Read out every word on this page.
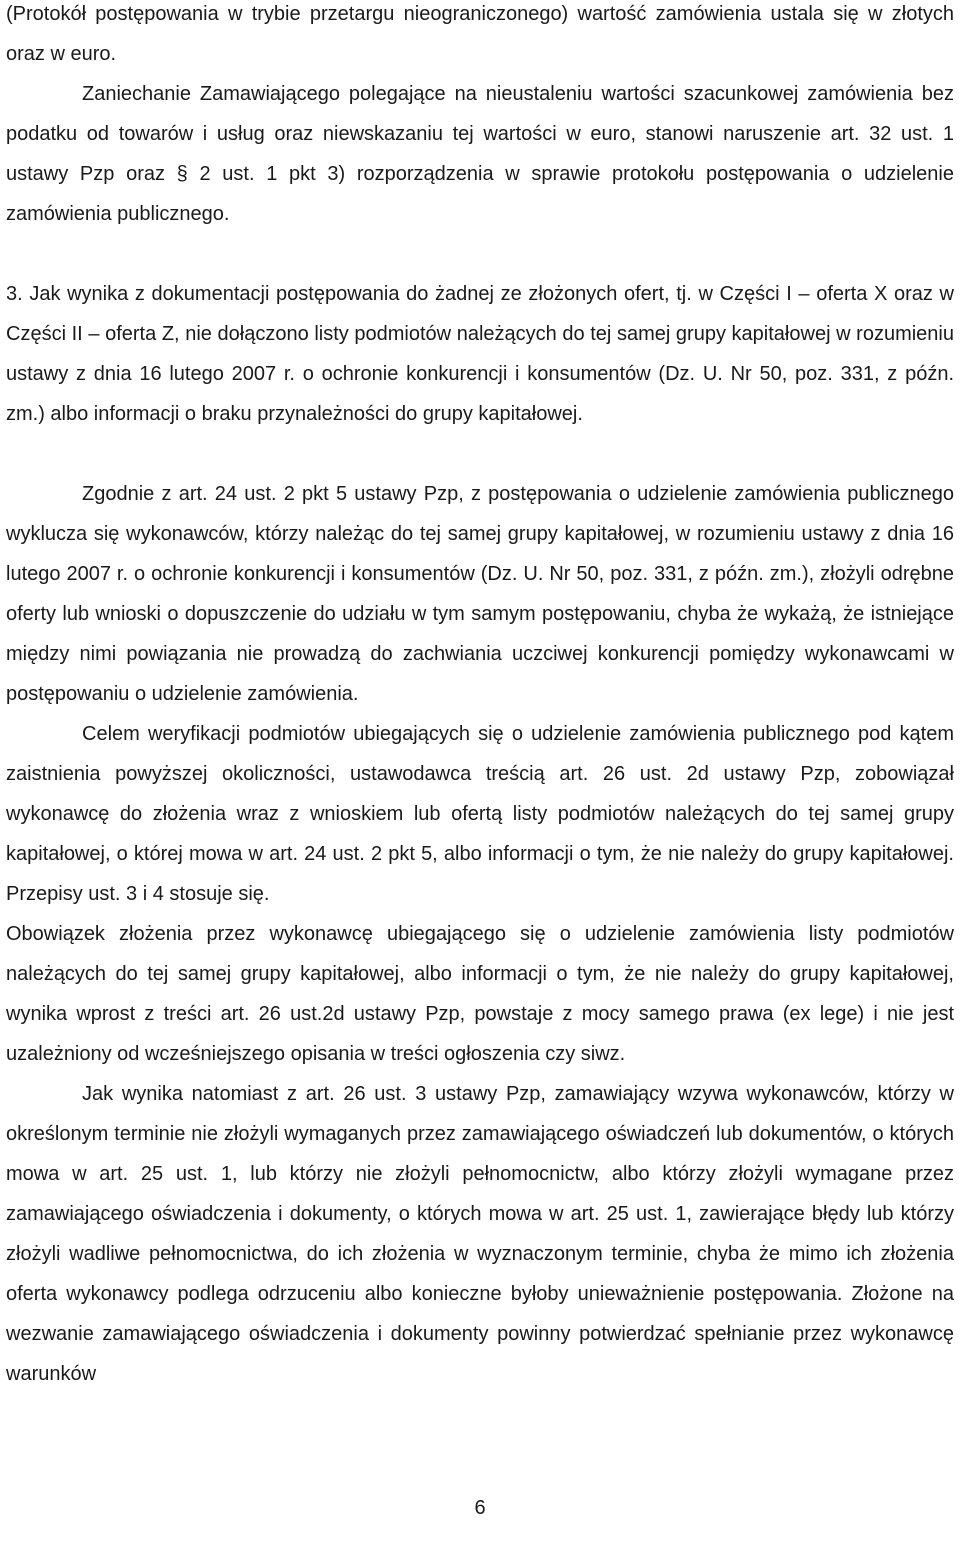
(Protokół postępowania w trybie przetargu nieograniczonego) wartość zamówienia ustala się w złotych oraz w euro.

Zaniechanie Zamawiającego polegające na nieustaleniu wartości szacunkowej zamówienia bez podatku od towarów i usług oraz niewskazaniu tej wartości w euro, stanowi naruszenie art. 32 ust. 1 ustawy Pzp oraz § 2 ust. 1 pkt 3) rozporządzenia w sprawie protokołu postępowania o udzielenie zamówienia publicznego.

3. Jak wynika z dokumentacji postępowania do żadnej ze złożonych ofert, tj. w Części I – oferta X oraz w Części II – oferta Z, nie dołączono listy podmiotów należących do tej samej grupy kapitałowej w rozumieniu ustawy z dnia 16 lutego 2007 r. o ochronie konkurencji i konsumentów (Dz. U. Nr 50, poz. 331, z późn. zm.) albo informacji o braku przynależności do grupy kapitałowej.

Zgodnie z art. 24 ust. 2 pkt 5 ustawy Pzp, z postępowania o udzielenie zamówienia publicznego wyklucza się wykonawców, którzy należąc do tej samej grupy kapitałowej, w rozumieniu ustawy z dnia 16 lutego 2007 r. o ochronie konkurencji i konsumentów (Dz. U. Nr 50, poz. 331, z późn. zm.), złożyli odrębne oferty lub wnioski o dopuszczenie do udziału w tym samym postępowaniu, chyba że wykażą, że istniejące między nimi powiązania nie prowadzą do zachwiania uczciwej konkurencji pomiędzy wykonawcami w postępowaniu o udzielenie zamówienia.

Celem weryfikacji podmiotów ubiegających się o udzielenie zamówienia publicznego pod kątem zaistnienia powyższej okoliczności, ustawodawca treścią art. 26 ust. 2d ustawy Pzp, zobowiązał wykonawcę do złożenia wraz z wnioskiem lub ofertą listy podmiotów należących do tej samej grupy kapitałowej, o której mowa w art. 24 ust. 2 pkt 5, albo informacji o tym, że nie należy do grupy kapitałowej. Przepisy ust. 3 i 4 stosuje się.

Obowiązek złożenia przez wykonawcę ubiegającego się o udzielenie zamówienia listy podmiotów należących do tej samej grupy kapitałowej, albo informacji o tym, że nie należy do grupy kapitałowej, wynika wprost z treści art. 26 ust.2d ustawy Pzp, powstaje z mocy samego prawa (ex lege) i nie jest uzależniony od wcześniejszego opisania w treści ogłoszenia czy siwz.

Jak wynika natomiast z art. 26 ust. 3 ustawy Pzp, zamawiający wzywa wykonawców, którzy w określonym terminie nie złożyli wymaganych przez zamawiającego oświadczeń lub dokumentów, o których mowa w art. 25 ust. 1, lub którzy nie złożyli pełnomocnictw, albo którzy złożyli wymagane przez zamawiającego oświadczenia i dokumenty, o których mowa w art. 25 ust. 1, zawierające błędy lub którzy złożyli wadliwe pełnomocnictwa, do ich złożenia w wyznaczonym terminie, chyba że mimo ich złożenia oferta wykonawcy podlega odrzuceniu albo konieczne byłoby unieważnienie postępowania. Złożone na wezwanie zamawiającego oświadczenia i dokumenty powinny potwierdzać spełnianie przez wykonawcę warunków

6
